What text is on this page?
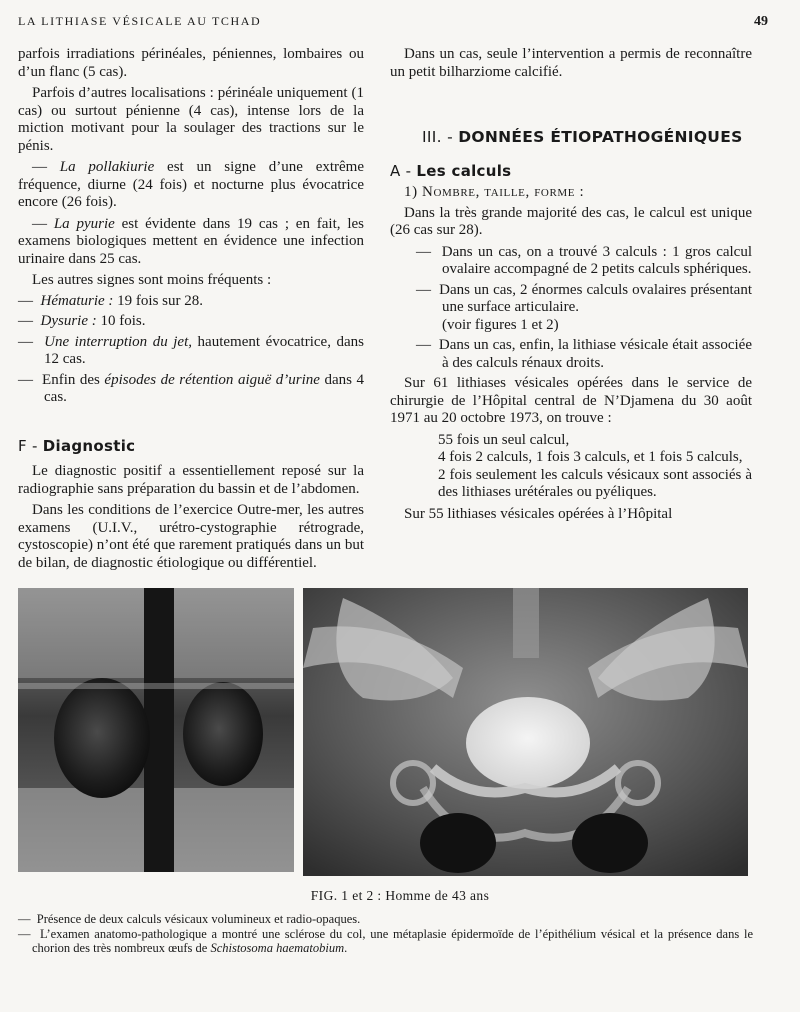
LA LITHIASE VÉSICALE AU TCHAD	49

parfois irradiations périnéales, péniennes, lombaires ou d’un flanc (5 cas).

Parfois d’autres localisations : périnéale uniquement (1 cas) ou surtout pénienne (4 cas), intense lors de la miction motivant pour la soulager des tractions sur le pénis.

— La pollakiurie est un signe d’une extrême fréquence, diurne (24 fois) et nocturne plus évocatrice encore (26 fois).

— La pyurie est évidente dans 19 cas ; en fait, les examens biologiques mettent en évidence une infection urinaire dans 25 cas.

Les autres signes sont moins fréquents :

— Hématurie : 19 fois sur 28.

— Dysurie : 10 fois.

— Une interruption du jet, hautement évocatrice, dans 12 cas.

— Enfin des épisodes de rétention aiguë d’urine dans 4 cas.

F - Diagnostic

Le diagnostic positif a essentiellement reposé sur la radiographie sans préparation du bassin et de l’abdomen.

Dans les conditions de l’exercice Outre-mer, les autres examens (U.I.V., urétro-cystographie rétrograde, cystoscopie) n’ont été que rarement pratiqués dans un but de bilan, de diagnostic étiologique ou différentiel.

Dans un cas, seule l’intervention a permis de reconnaître un petit bilharziome calcifié.

III. - DONNÉES ÉTIOPATHOGÉNIQUES
A - Les calculs

1) Nombre, taille, forme :

Dans la très grande majorité des cas, le calcul est unique (26 cas sur 28).

— Dans un cas, on a trouvé 3 calculs : 1 gros calcul ovalaire accompagné de 2 petits calculs sphériques.

— Dans un cas, 2 énormes calculs ovalaires présentant une surface articulaire.

(voir figures 1 et 2)

— Dans un cas, enfin, la lithiase vésicale était associée à des calculs rénaux droits.

Sur 61 lithiases vésicales opérées dans le service de chirurgie de l’Hôpital central de N’Djamena du 30 août 1971 au 20 octobre 1973, on trouve :

55 fois un seul calcul,

4 fois 2 calculs, 1 fois 3 calculs, et 1 fois 5 calculs,

2 fois seulement les calculs vésicaux sont associés à des lithiases urétérales ou pyéliques.

Sur 55 lithiases vésicales opérées à l’Hôpital

FIG. 1 et 2 : Homme de 43 ans

— Présence de deux calculs vésicaux volumineux et radio-opaques.

— L’examen anatomo-pathologique a montré une sclérose du col, une métaplasie épidermoïde de l’épithélium vésical et la présence dans le chorion des très nombreux œufs de Schistosoma haematobium.
